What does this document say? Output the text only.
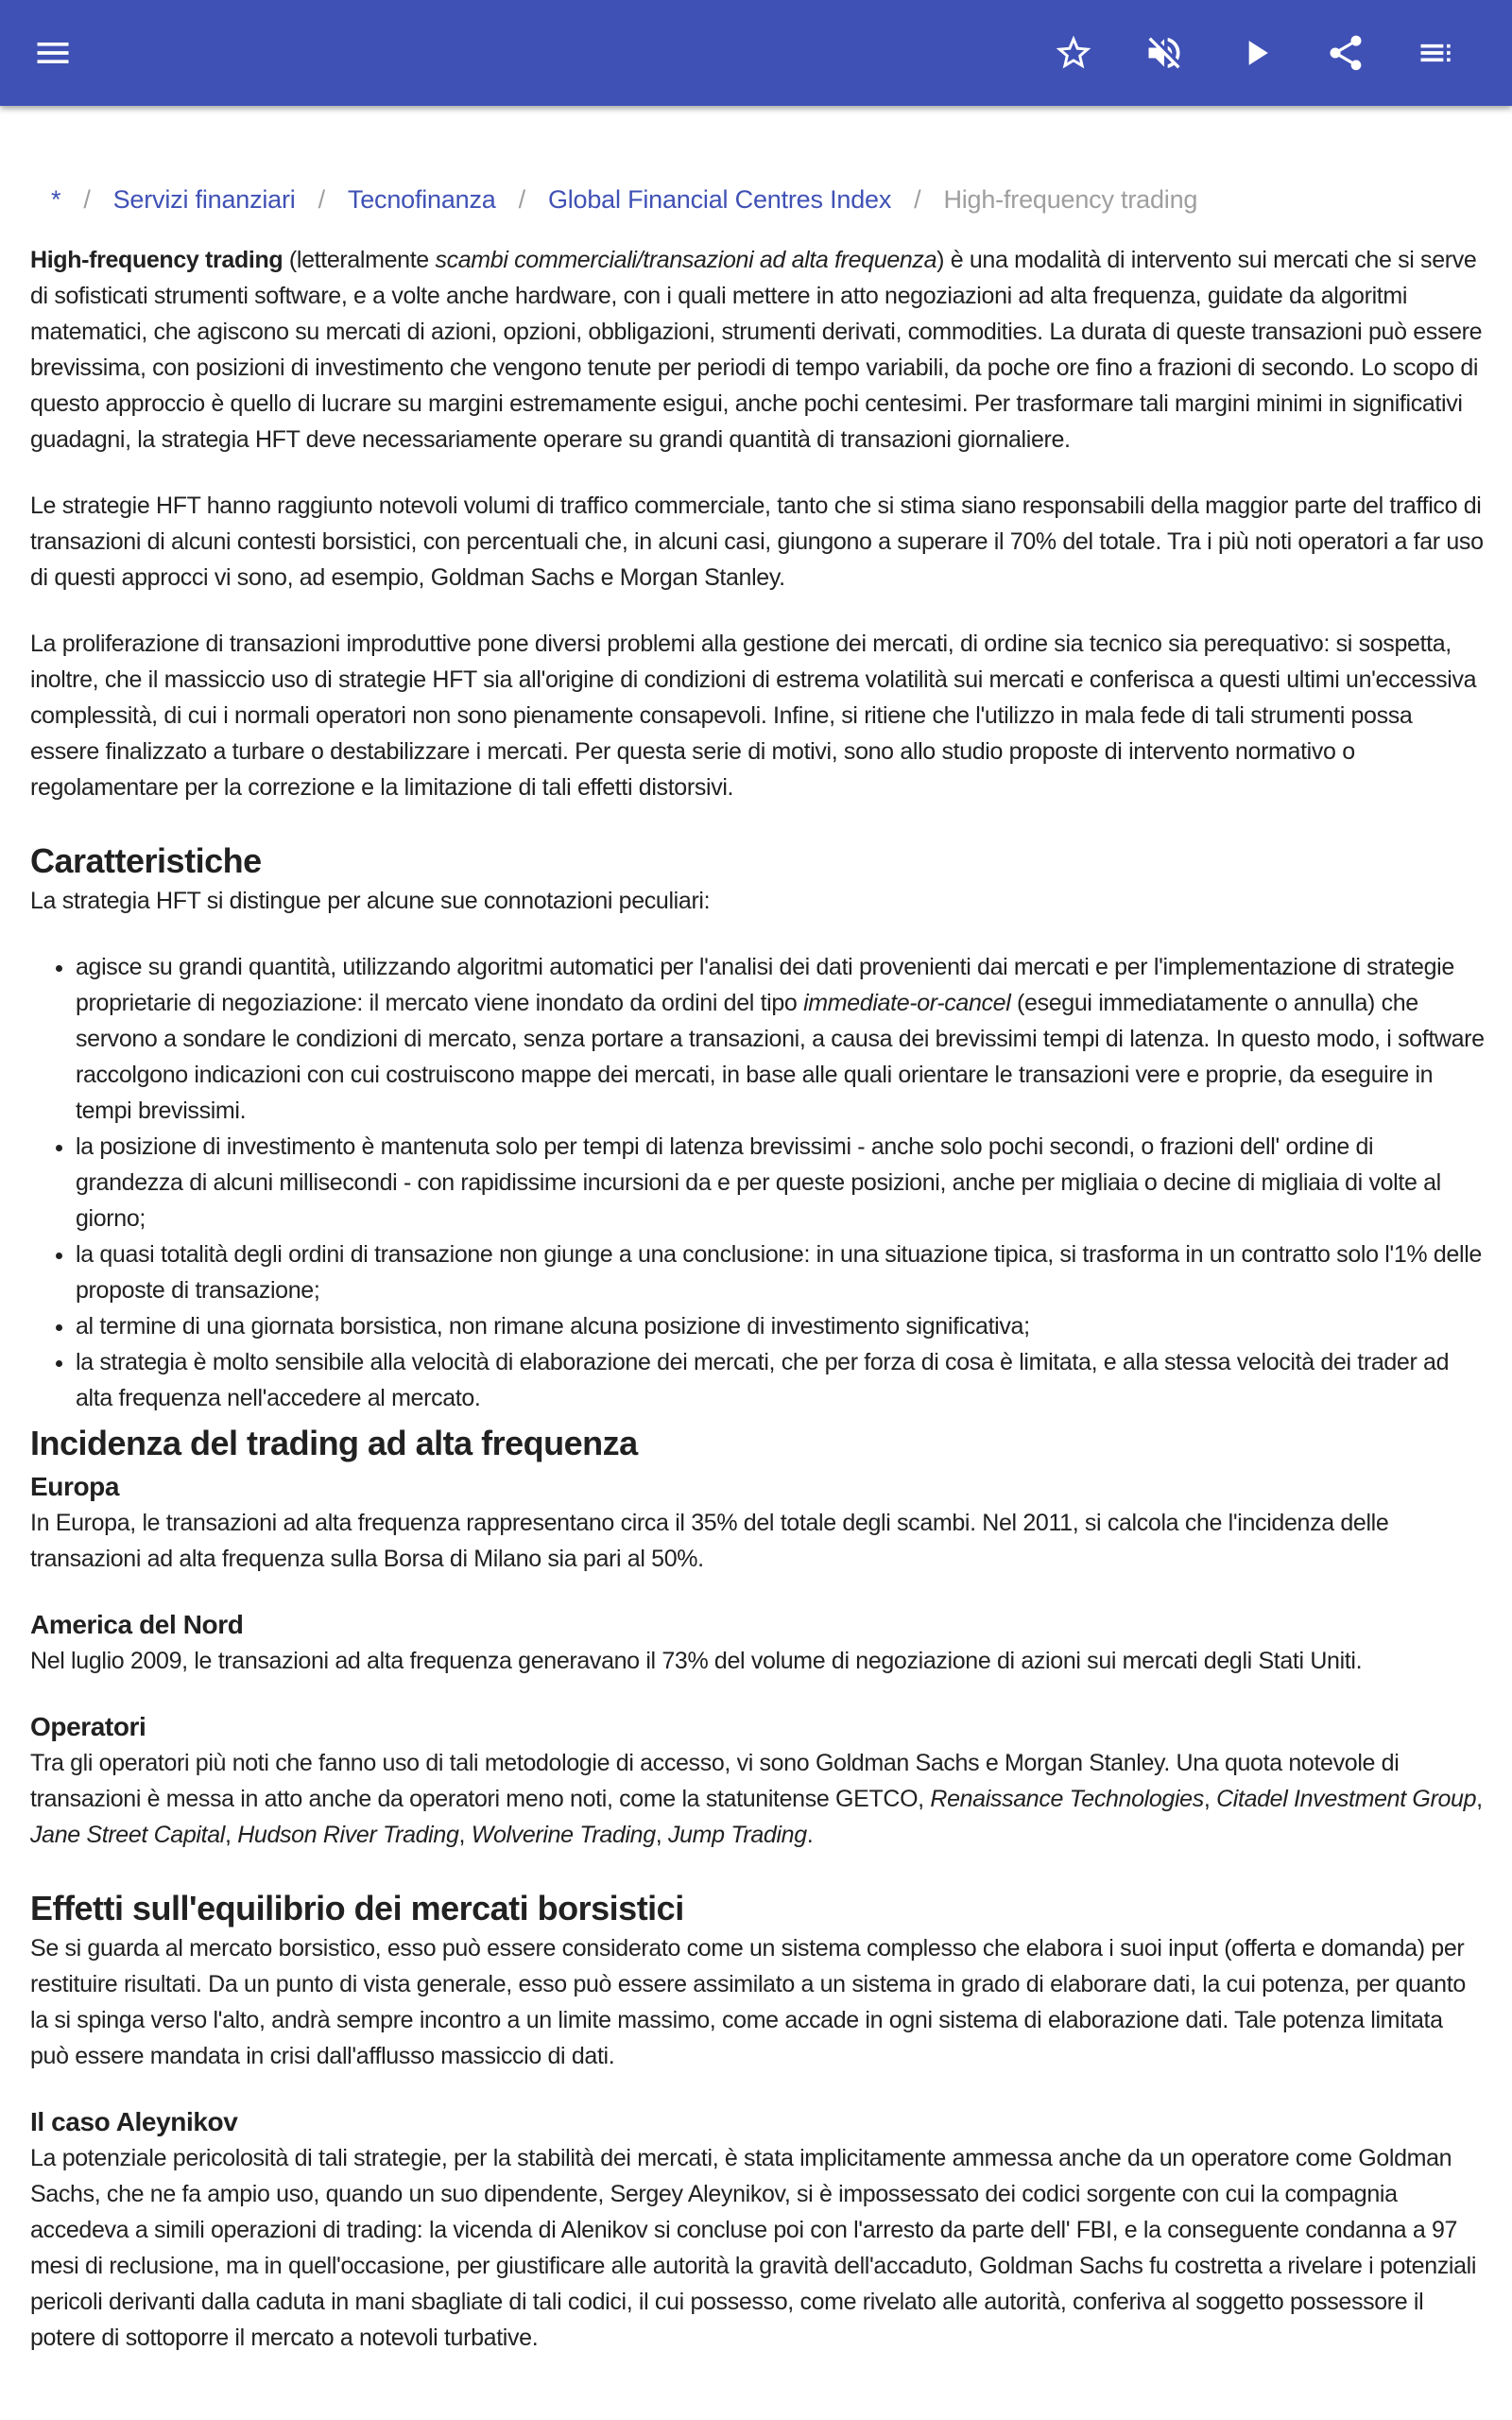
* / Servizi finanziari / Tecnofinanza / Global Financial Centres Index / High-frequency trading

High-frequency trading (letteralmente scambi commerciali/transazioni ad alta frequenza) è una modalità di intervento sui mercati che si serve di sofisticati strumenti software, e a volte anche hardware, con i quali mettere in atto negoziazioni ad alta frequenza, guidate da algoritmi matematici, che agiscono su mercati di azioni, opzioni, obbligazioni, strumenti derivati, commodities. La durata di queste transazioni può essere brevissima, con posizioni di investimento che vengono tenute per periodi di tempo variabili, da poche ore fino a frazioni di secondo. Lo scopo di questo approccio è quello di lucrare su margini estremamente esigui, anche pochi centesimi. Per trasformare tali margini minimi in significativi guadagni, la strategia HFT deve necessariamente operare su grandi quantità di transazioni giornaliere.

Le strategie HFT hanno raggiunto notevoli volumi di traffico commerciale, tanto che si stima siano responsabili della maggior parte del traffico di transazioni di alcuni contesti borsistici, con percentuali che, in alcuni casi, giungono a superare il 70% del totale. Tra i più noti operatori a far uso di questi approcci vi sono, ad esempio, Goldman Sachs e Morgan Stanley.

La proliferazione di transazioni improduttive pone diversi problemi alla gestione dei mercati, di ordine sia tecnico sia perequativo: si sospetta, inoltre, che il massiccio uso di strategie HFT sia all'origine di condizioni di estrema volatilità sui mercati e conferisca a questi ultimi un'eccessiva complessità, di cui i normali operatori non sono pienamente consapevoli. Infine, si ritiene che l'utilizzo in mala fede di tali strumenti possa essere finalizzato a turbare o destabilizzare i mercati. Per questa serie di motivi, sono allo studio proposte di intervento normativo o regolamentare per la correzione e la limitazione di tali effetti distorsivi.

Caratteristiche
La strategia HFT si distingue per alcune sue connotazioni peculiari:
• agisce su grandi quantità, utilizzando algoritmi automatici per l'analisi dei dati provenienti dai mercati e per l'implementazione di strategie proprietarie di negoziazione: il mercato viene inondato da ordini del tipo immediate-or-cancel (esegui immediatamente o annulla) che servono a sondare le condizioni di mercato, senza portare a transazioni, a causa dei brevissimi tempi di latenza. In questo modo, i software raccolgono indicazioni con cui costruiscono mappe dei mercati, in base alle quali orientare le transazioni vere e proprie, da eseguire in tempi brevissimi.
• la posizione di investimento è mantenuta solo per tempi di latenza brevissimi - anche solo pochi secondi, o frazioni dell' ordine di grandezza di alcuni millisecondi - con rapidissime incursioni da e per queste posizioni, anche per migliaia o decine di migliaia di volte al giorno;
• la quasi totalità degli ordini di transazione non giunge a una conclusione: in una situazione tipica, si trasforma in un contratto solo l'1% delle proposte di transazione;
• al termine di una giornata borsistica, non rimane alcuna posizione di investimento significativa;
• la strategia è molto sensibile alla velocità di elaborazione dei mercati, che per forza di cosa è limitata, e alla stessa velocità dei trader ad alta frequenza nell'accedere al mercato.
Incidenza del trading ad alta frequenza
Europa

In Europa, le transazioni ad alta frequenza rappresentano circa il 35% del totale degli scambi. Nel 2011, si calcola che l'incidenza delle transazioni ad alta frequenza sulla Borsa di Milano sia pari al 50%.

America del Nord

Nel luglio 2009, le transazioni ad alta frequenza generavano il 73% del volume di negoziazione di azioni sui mercati degli Stati Uniti.

Operatori

Tra gli operatori più noti che fanno uso di tali metodologie di accesso, vi sono Goldman Sachs e Morgan Stanley. Una quota notevole di transazioni è messa in atto anche da operatori meno noti, come la statunitense GETCO, Renaissance Technologies, Citadel Investment Group, Jane Street Capital, Hudson River Trading, Wolverine Trading, Jump Trading.

Effetti sull'equilibrio dei mercati borsistici

Se si guarda al mercato borsistico, esso può essere considerato come un sistema complesso che elabora i suoi input (offerta e domanda) per restituire risultati. Da un punto di vista generale, esso può essere assimilato a un sistema in grado di elaborare dati, la cui potenza, per quanto la si spinga verso l'alto, andrà sempre incontro a un limite massimo, come accade in ogni sistema di elaborazione dati. Tale potenza limitata può essere mandata in crisi dall'afflusso massiccio di dati.

Il caso Aleynikov

La potenziale pericolosità di tali strategie, per la stabilità dei mercati, è stata implicitamente ammessa anche da un operatore come Goldman Sachs, che ne fa ampio uso, quando un suo dipendente, Sergey Aleynikov, si è impossessato dei codici sorgente con cui la compagnia accedeva a simili operazioni di trading: la vicenda di Alenikov si concluse poi con l'arresto da parte dell' FBI, e la conseguente condanna a 97 mesi di reclusione, ma in quell'occasione, per giustificare alle autorità la gravità dell'accaduto, Goldman Sachs fu costretta a rivelare i potenziali pericoli derivanti dalla caduta in mani sbagliate di tali codici, il cui possesso, come rivelato alle autorità, conferiva al soggetto possessore il potere di sottoporre il mercato a notevoli turbative.
